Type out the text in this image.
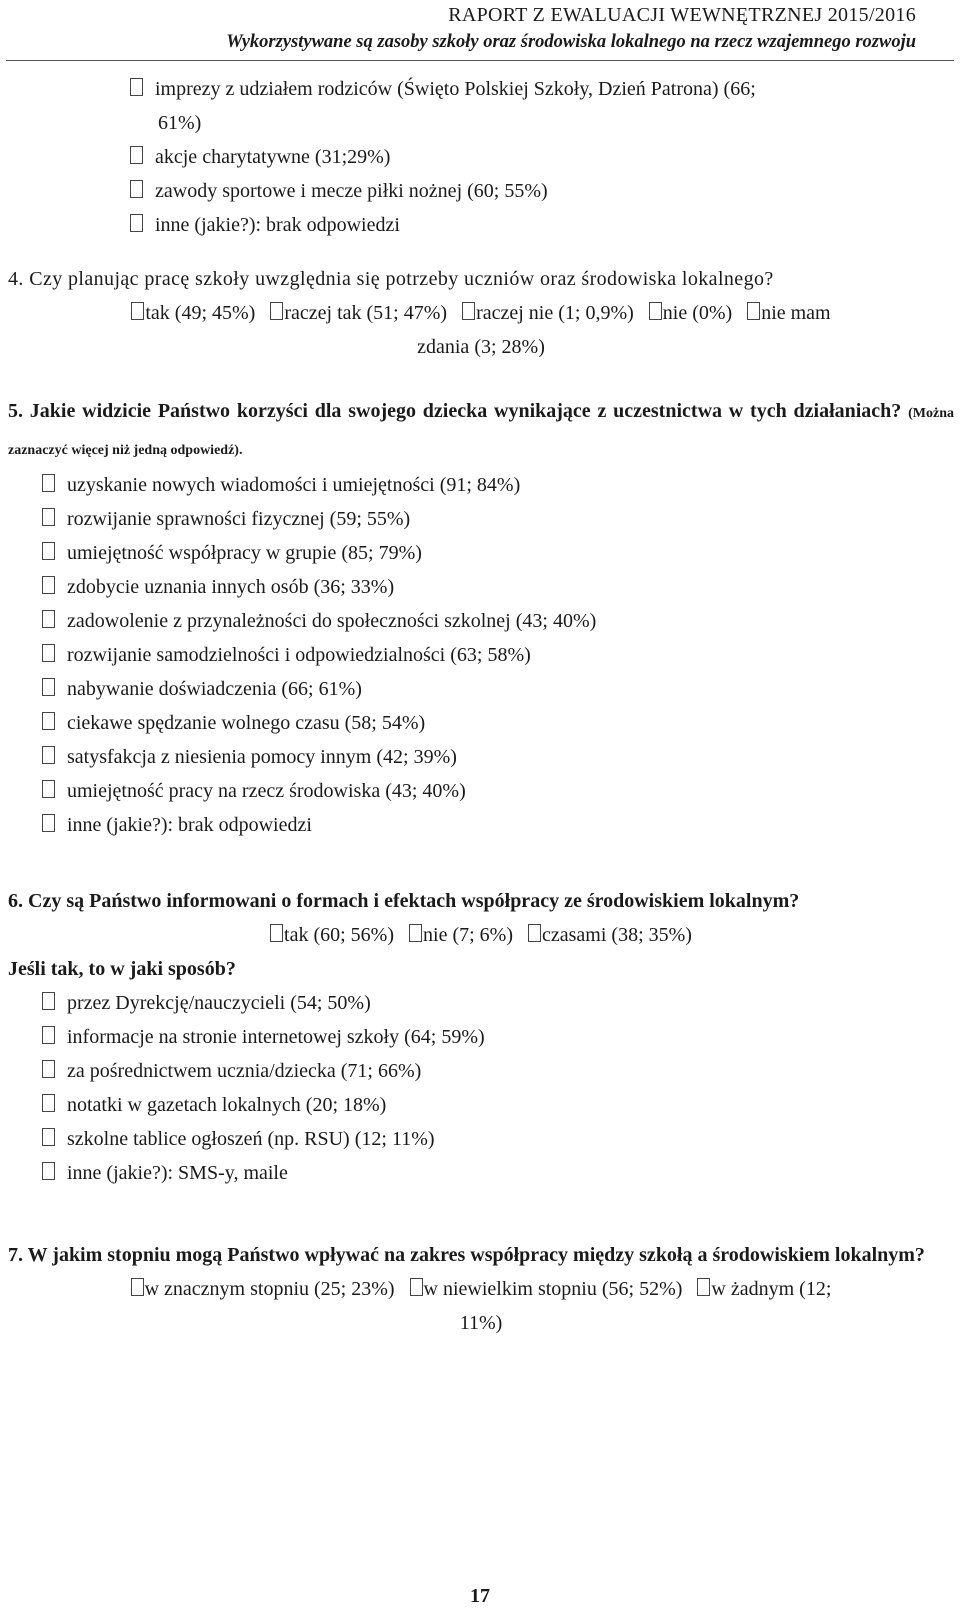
RAPORT Z EWALUACJI WEWNĘTRZNEJ 2015/2016
Wykorzystywane są zasoby szkoły oraz środowiska lokalnego na rzecz wzajemnego rozwoju
imprezy z udziałem rodziców (Święto Polskiej Szkoły, Dzień Patrona) (66;
61%)
akcje charytatywne (31;29%)
zawody sportowe i mecze piłki nożnej (60; 55%)
inne (jakie?): brak odpowiedzi
4. Czy planując pracę szkoły uwzględnia się potrzeby uczniów oraz środowiska lokalnego?
tak (49; 45%) raczej tak (51; 47%) raczej nie (1; 0,9%) nie (0%) nie mam
zdania (3; 28%)
5. Jakie widzicie Państwo korzyści dla swojego dziecka wynikające z uczestnictwa w tych działaniach? (Można zaznaczyć więcej niż jedną odpowiedź).
uzyskanie nowych wiadomości i umiejętności (91; 84%)
rozwijanie sprawności fizycznej (59; 55%)
umiejętność współpracy w grupie (85; 79%)
zdobycie uznania innych osób (36; 33%)
zadowolenie z przynależności do społeczności szkolnej (43; 40%)
rozwijanie samodzielności i odpowiedzialności (63; 58%)
nabywanie doświadczenia (66; 61%)
ciekawe spędzanie wolnego czasu (58; 54%)
satysfakcja z niesienia pomocy innym (42; 39%)
umiejętność pracy na rzecz środowiska (43; 40%)
inne (jakie?): brak odpowiedzi
6. Czy są Państwo informowani o formach i efektach współpracy ze środowiskiem lokalnym?
tak (60; 56%) nie (7; 6%) czasami (38; 35%)
Jeśli tak, to w jaki sposób?
przez Dyrekcję/nauczycieli (54; 50%)
informacje na stronie internetowej szkoły (64; 59%)
za pośrednictwem ucznia/dziecka (71; 66%)
notatki w gazetach lokalnych (20; 18%)
szkolne tablice ogłoszeń (np. RSU) (12; 11%)
inne (jakie?): SMS-y, maile
7. W jakim stopniu mogą Państwo wpływać na zakres współpracy między szkołą a środowiskiem lokalnym?
w znacznym stopniu (25; 23%) w niewielkim stopniu (56; 52%) w żadnym (12;
11%)
17
